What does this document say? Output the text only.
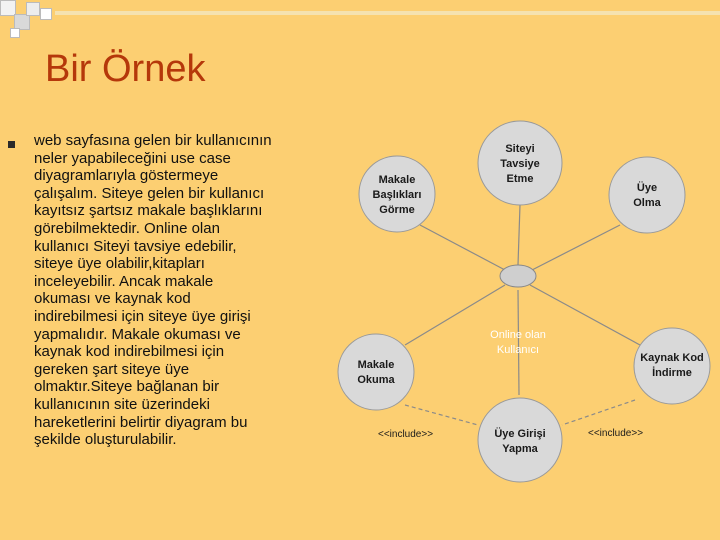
Bir Örnek
web sayfasına gelen bir kullanıcının
neler yapabileceğini use case
diyagramlarıyla göstermeye
çalışalım. Siteye gelen bir kullanıcı
kayıtsız şartsız makale başlıklarını
görebilmektedir. Online olan
kullanıcı Siteyi tavsiye edebilir,
siteye üye olabilir,kitapları
inceleyebilir. Ancak makale
okuması ve kaynak kod
indirebilmesi için siteye üye girişi
yapmalıdır. Makale okuması ve
kaynak kod indirebilmesi için
gereken şart siteye üye
olmaktır.Siteye bağlanan bir
kullanıcının site üzerindeki
hareketlerini belirtir diyagram bu
şekilde oluşturulabilir.
Online olan
Kullanıcı
Siteyi
Tavsiye
Etme
Makale
Başlıkları
Görme
Üye
Olma
Makale
Okuma
Kaynak Kod
İndirme
Üye Girişi
Yapma
<<include>>	<<include>>
